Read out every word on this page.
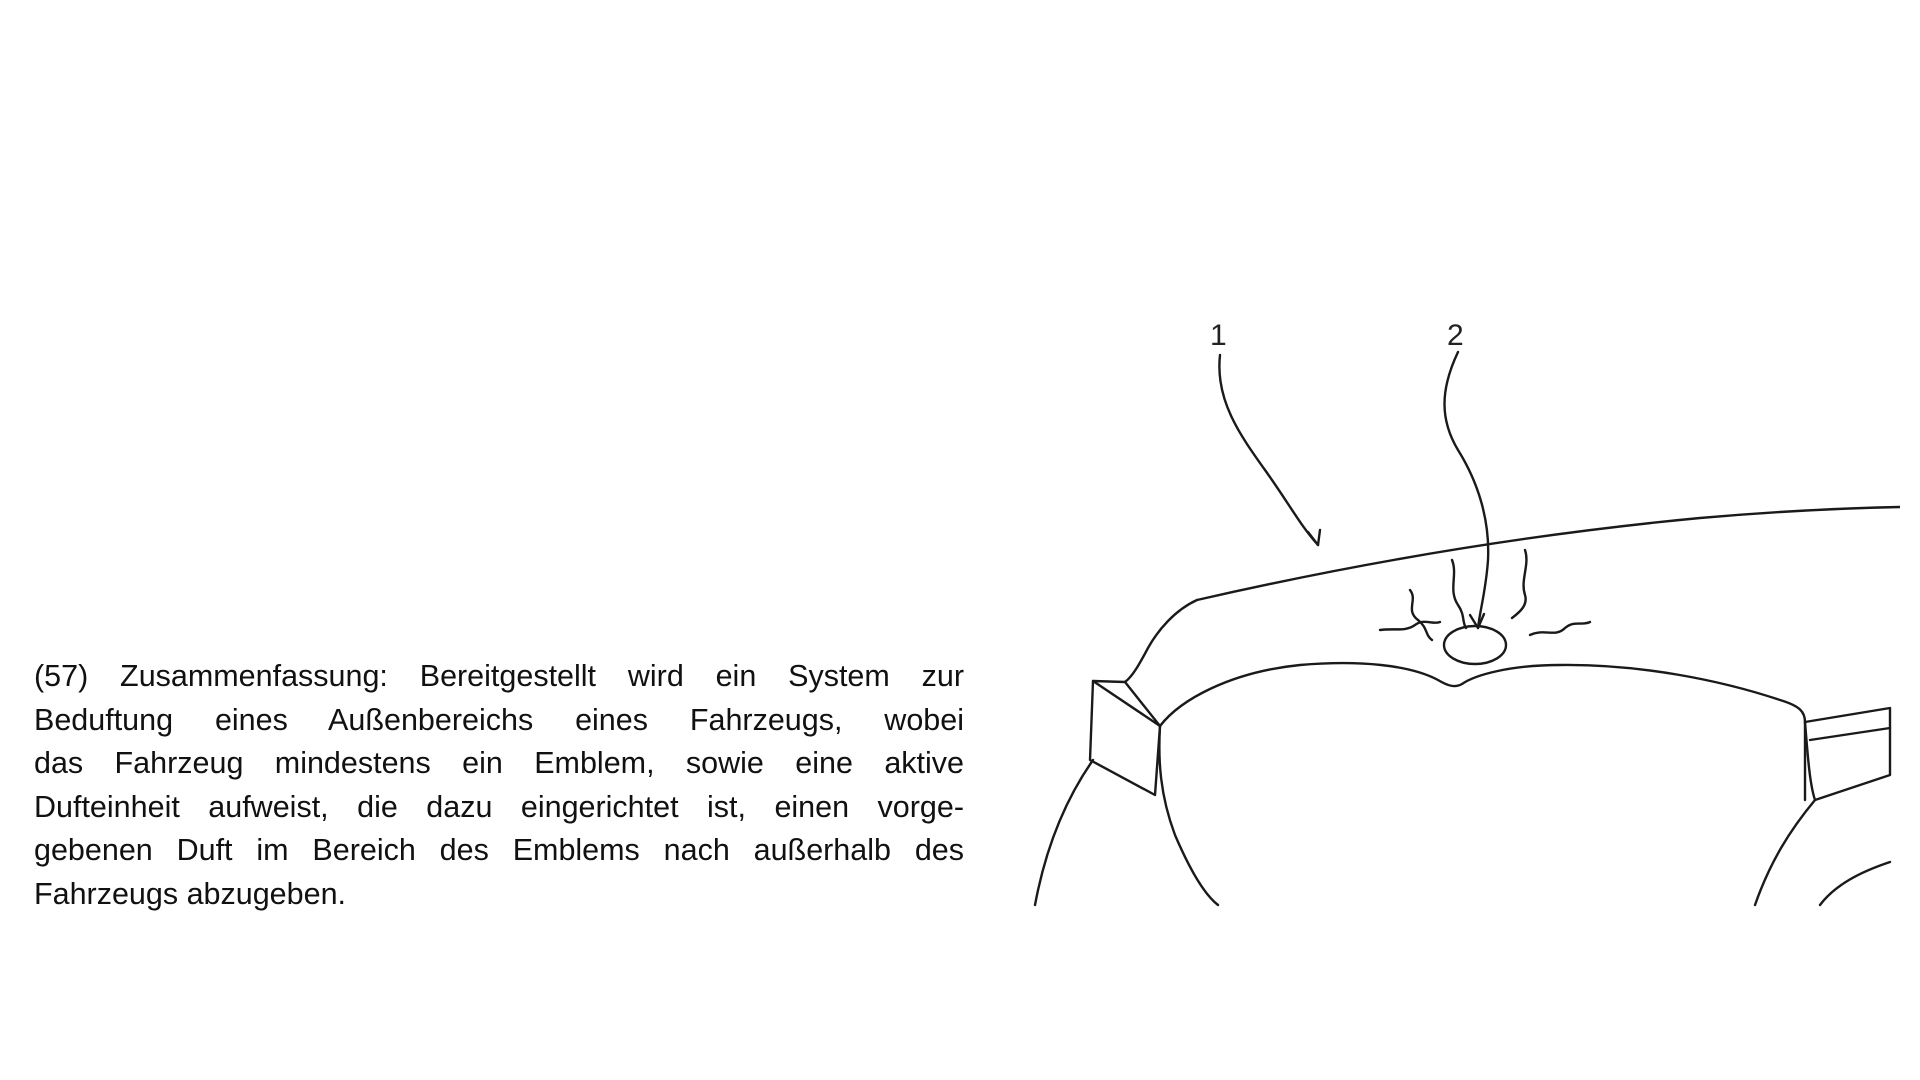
(57) Zusammenfassung: Bereitgestellt wird ein System zur
Beduftung eines Außenbereichs eines Fahrzeugs, wobei
das Fahrzeug mindestens ein Emblem, sowie eine aktive
Dufteinheit aufweist, die dazu eingerichtet ist, einen vorge-
gebenen Duft im Bereich des Emblems nach außerhalb des
Fahrzeugs abzugeben.
1	2
